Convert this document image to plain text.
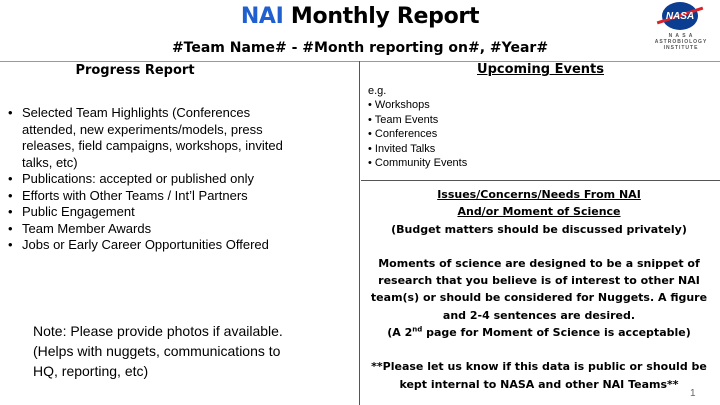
NAI Monthly Report
#Team Name# - #Month reporting on#, #Year#
NASA
N A S A
ASTROBIOLOGY
INSTITUTE
Progress Report
• Selected Team Highlights (Conferences attended, new experiments/models, press releases, field campaigns, workshops, invited talks, etc)
• Publications: accepted or published only
• Efforts with Other Teams / Int’l Partners
• Public Engagement
• Team Member Awards
• Jobs or Early Career Opportunities Offered
Note: Please provide photos if available. (Helps with nuggets, communications to HQ, reporting, etc)
Upcoming Events
e.g.
• Workshops
• Team Events
• Conferences
• Invited Talks
• Community Events
Issues/Concerns/Needs From NAI
And/or Moment of Science
(Budget matters should be discussed privately)
Moments of science are designed to be a snippet of research that you believe is of interest to other NAI team(s) or should be considered for Nuggets. A figure and 2-4 sentences are desired.
(A 2nd page for Moment of Science is acceptable)
**Please let us know if this data is public or should be kept internal to NASA and other NAI Teams**
1
